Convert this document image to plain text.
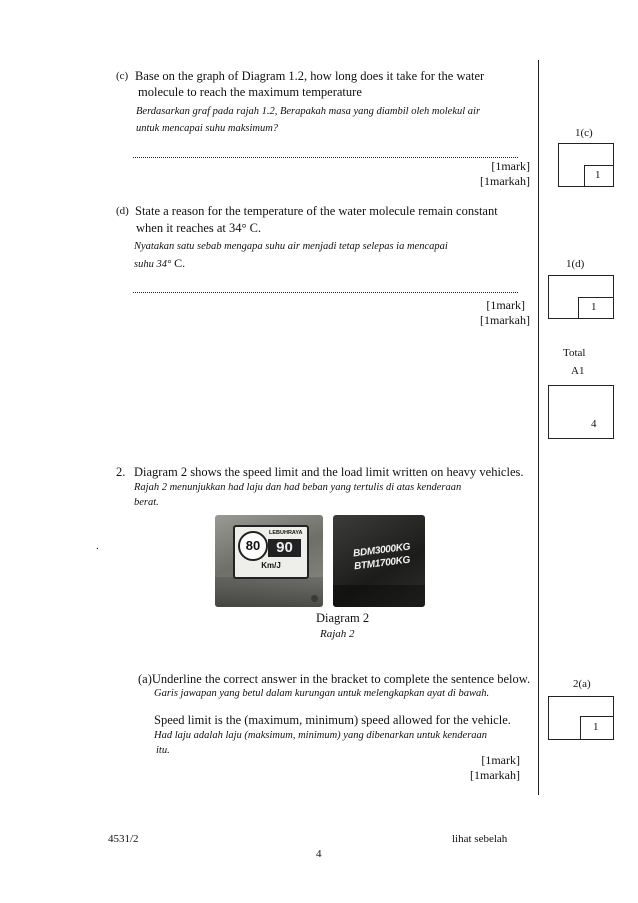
(c) Base on the graph of Diagram 1.2, how long does it take for the water
molecule to reach the maximum temperature
Berdasarkan graf pada rajah 1.2, Berapakah masa yang diambil oleh molekul air
untuk mencapai suhu maksimum?
[1mark]
[1markah]
1(c)
1
(d) State a reason for the temperature of the water molecule remain constant
when it reaches at 34° C.
Nyatakan satu sebab mengapa suhu air menjadi tetap selepas ia mencapai
suhu 34° C.
[1mark]
[1markah]
1(d)
1
Total
A1
4
2. Diagram 2 shows the speed limit and the load limit written on heavy vehicles.
Rajah 2 menunjukkan had laju dan had beban yang tertulis di atas kenderaan
berat.
.	80
LEBUHRAYA
90
Km/J
BDM3000KG
BTM1700KG
Diagram 2
Rajah 2
(a)Underline the correct answer in the bracket to complete the sentence below.
Garis jawapan yang betul dalam kurungan untuk melengkapkan ayat di bawah.
Speed limit is the (maximum, minimum) speed allowed for the vehicle.
Had laju adalah laju (maksimum, minimum) yang dibenarkan untuk kenderaan
itu.
[1mark]
[1markah]
2(a)
1
4531/2	lihat sebelah
4
